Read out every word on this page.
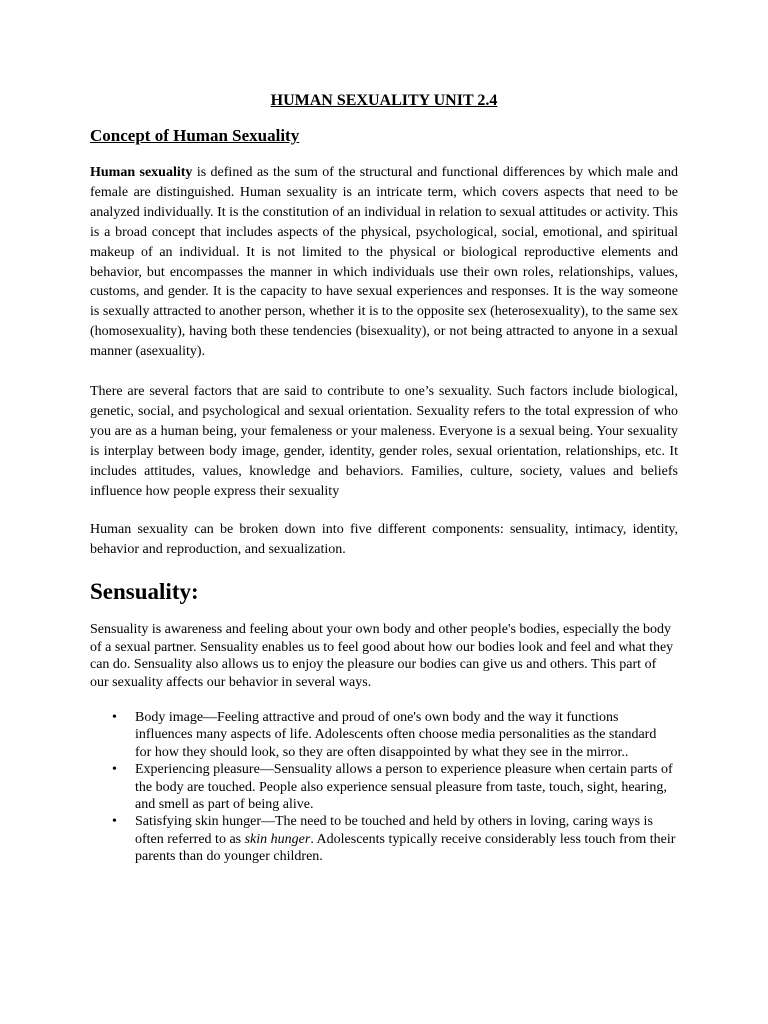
HUMAN SEXUALITY UNIT 2.4
Concept of Human Sexuality

Human sexuality is defined as the sum of the structural and functional differences by which male and female are distinguished. Human sexuality is an intricate term, which covers aspects that need to be analyzed individually. It is the constitution of an individual in relation to sexual attitudes or activity. This is a broad concept that includes aspects of the physical, psychological, social, emotional, and spiritual makeup of an individual. It is not limited to the physical or biological reproductive elements and behavior, but encompasses the manner in which individuals use their own roles, relationships, values, customs, and gender. It is the capacity to have sexual experiences and responses. It is the way someone is sexually attracted to another person, whether it is to the opposite sex (heterosexuality), to the same sex (homosexuality), having both these tendencies (bisexuality), or not being attracted to anyone in a sexual manner (asexuality).

There are several factors that are said to contribute to one’s sexuality. Such factors include biological, genetic, social, and psychological and sexual orientation. Sexuality refers to the total expression of who you are as a human being, your femaleness or your maleness. Everyone is a sexual being. Your sexuality is interplay between body image, gender, identity, gender roles, sexual orientation, relationships, etc. It includes attitudes, values, knowledge and behaviors. Families, culture, society, values and beliefs influence how people express their sexuality

Human sexuality can be broken down into five different components: sensuality, intimacy, identity, behavior and reproduction, and sexualization.

Sensuality:

Sensuality is awareness and feeling about your own body and other people's bodies, especially the body of a sexual partner. Sensuality enables us to feel good about how our bodies look and feel and what they can do. Sensuality also allows us to enjoy the pleasure our bodies can give us and others. This part of our sexuality affects our behavior in several ways.

• Body image—Feeling attractive and proud of one's own body and the way it functions influences many aspects of life. Adolescents often choose media personalities as the standard for how they should look, so they are often disappointed by what they see in the mirror..
• Experiencing pleasure—Sensuality allows a person to experience pleasure when certain parts of the body are touched. People also experience sensual pleasure from taste, touch, sight, hearing, and smell as part of being alive.
• Satisfying skin hunger—The need to be touched and held by others in loving, caring ways is often referred to as skin hunger. Adolescents typically receive considerably less touch from their parents than do younger children.
